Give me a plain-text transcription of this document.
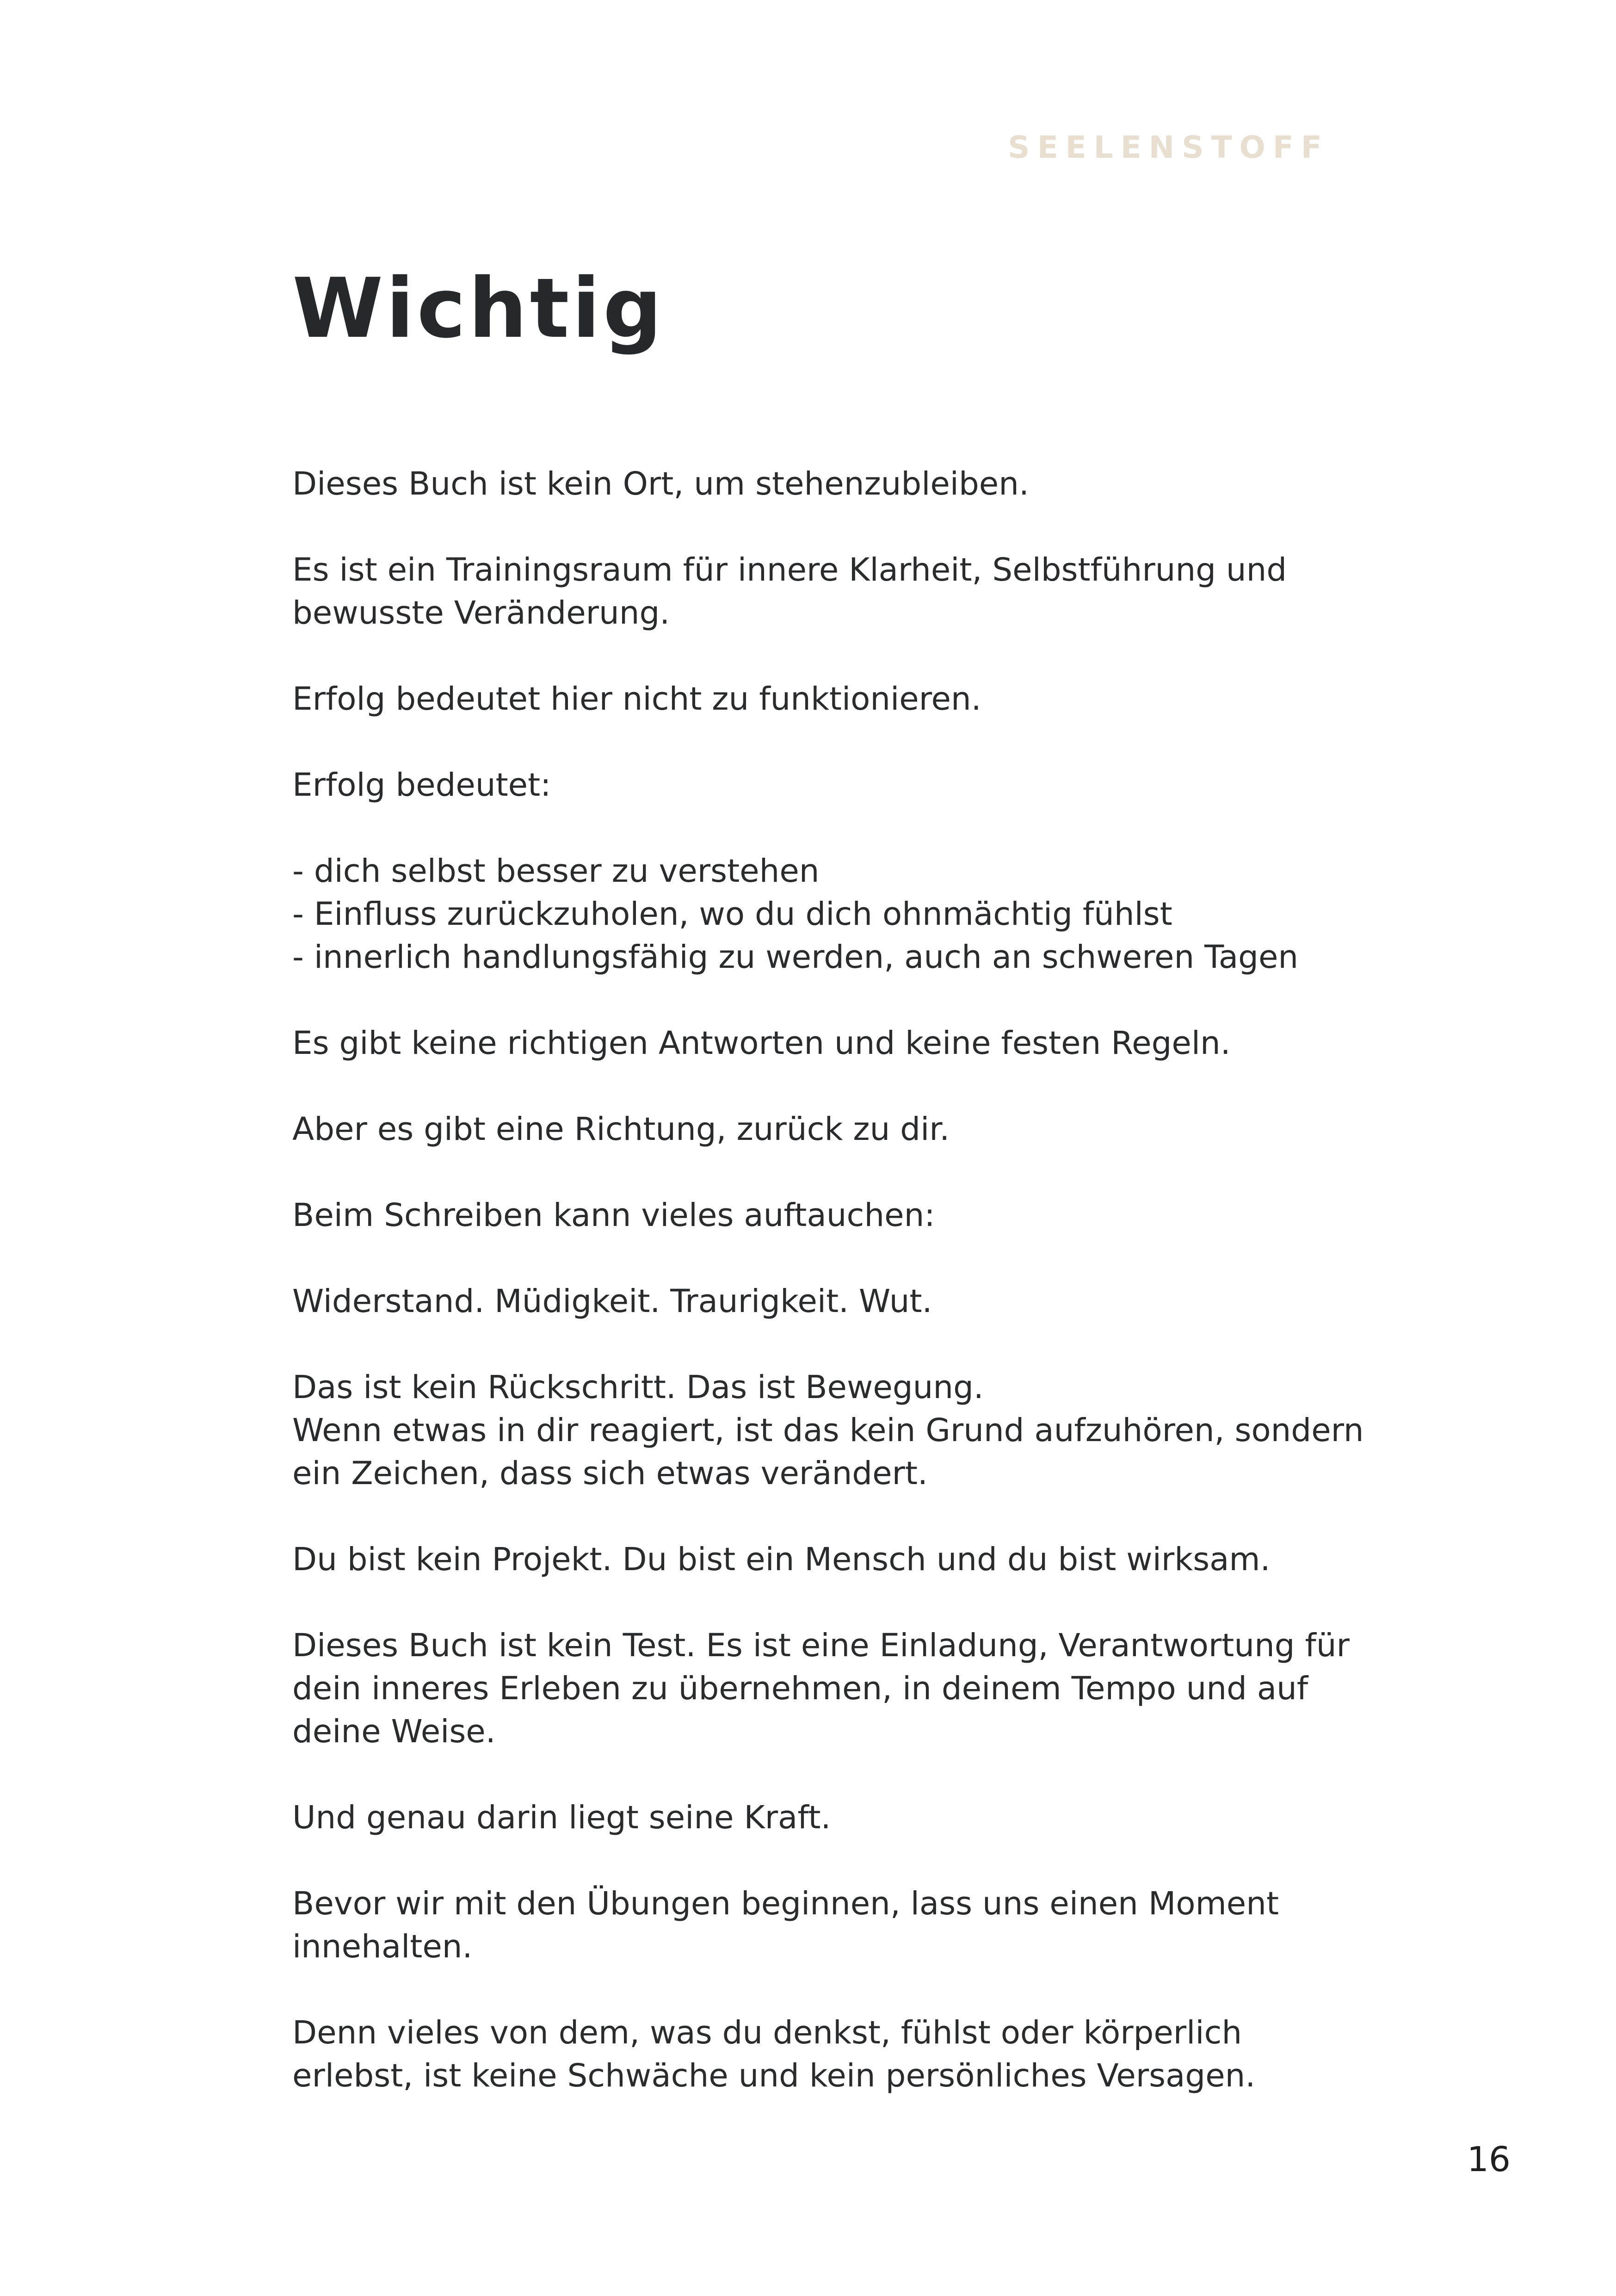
SEELENSTOFF
Wichtig

Dieses Buch ist kein Ort, um stehenzubleiben.

Es ist ein Trainingsraum für innere Klarheit, Selbstführung und
bewusste Veränderung.

Erfolg bedeutet hier nicht zu funktionieren.

Erfolg bedeutet:

- dich selbst besser zu verstehen
- Einfluss zurückzuholen, wo du dich ohnmächtig fühlst
- innerlich handlungsfähig zu werden, auch an schweren Tagen

Es gibt keine richtigen Antworten und keine festen Regeln.

Aber es gibt eine Richtung, zurück zu dir.

Beim Schreiben kann vieles auftauchen:

Widerstand. Müdigkeit. Traurigkeit. Wut.

Das ist kein Rückschritt. Das ist Bewegung.
Wenn etwas in dir reagiert, ist das kein Grund aufzuhören, sondern
ein Zeichen, dass sich etwas verändert.

Du bist kein Projekt. Du bist ein Mensch und du bist wirksam.

Dieses Buch ist kein Test. Es ist eine Einladung, Verantwortung für
dein inneres Erleben zu übernehmen, in deinem Tempo und auf
deine Weise.

Und genau darin liegt seine Kraft.

Bevor wir mit den Übungen beginnen, lass uns einen Moment
innehalten.

Denn vieles von dem, was du denkst, fühlst oder körperlich
erlebst, ist keine Schwäche und kein persönliches Versagen.

16
